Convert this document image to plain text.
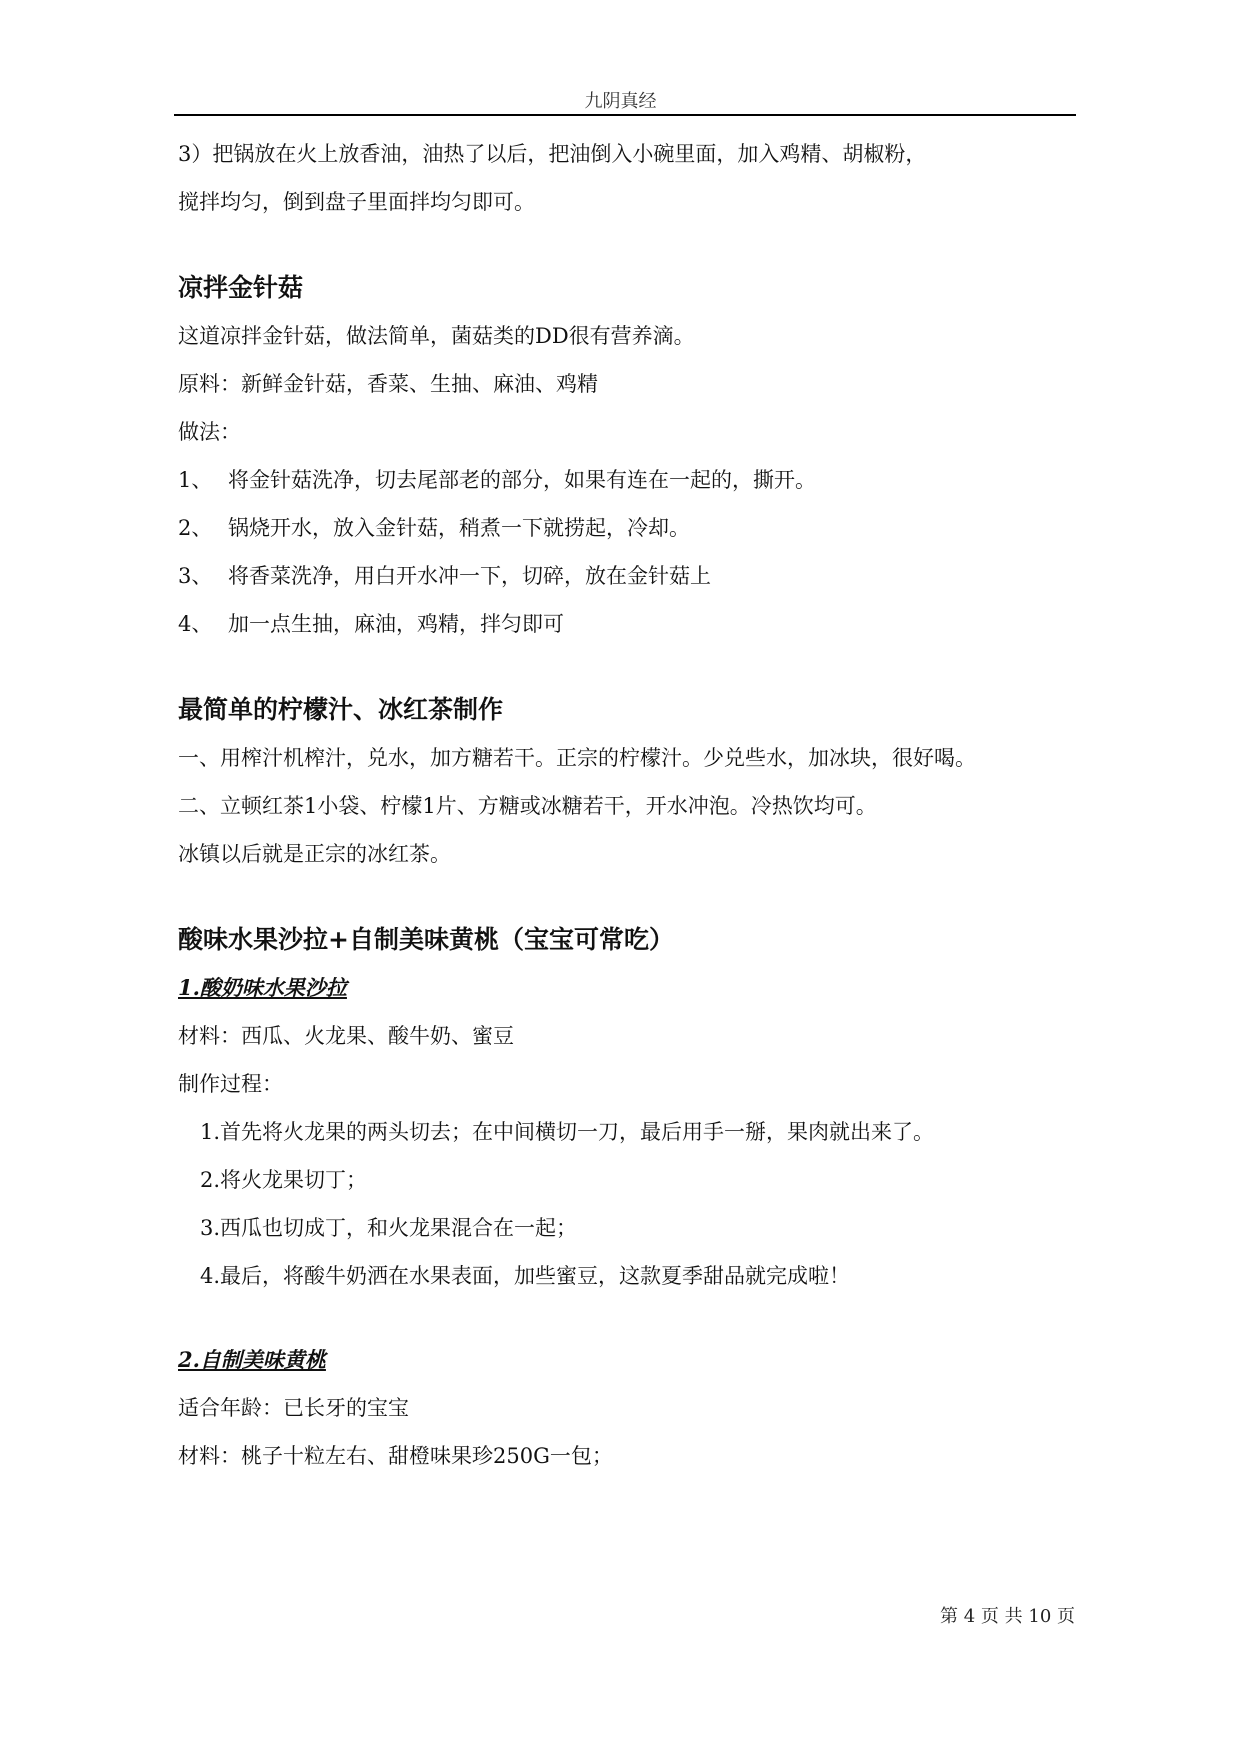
九阴真经

3）把锅放在火上放香油，油热了以后，把油倒入小碗里面，加入鸡精、胡椒粉，

搅拌均匀，倒到盘子里面拌均匀即可。

凉拌金针菇

这道凉拌金针菇，做法简单，菌菇类的DD很有营养滴。

原料：新鲜金针菇，香菜、生抽、麻油、鸡精

做法：

1、 将金针菇洗净，切去尾部老的部分，如果有连在一起的，撕开。

2、 锅烧开水，放入金针菇，稍煮一下就捞起，冷却。

3、 将香菜洗净，用白开水冲一下，切碎，放在金针菇上

4、 加一点生抽，麻油，鸡精，拌匀即可

最简单的柠檬汁、冰红茶制作

一、用榨汁机榨汁，兑水，加方糖若干。正宗的柠檬汁。少兑些水，加冰块，很好喝。

二、立顿红茶1小袋、柠檬1片、方糖或冰糖若干，开水冲泡。冷热饮均可。

冰镇以后就是正宗的冰红茶。

酸味水果沙拉+自制美味黄桃（宝宝可常吃）

1.酸奶味水果沙拉

材料：西瓜、火龙果、酸牛奶、蜜豆

制作过程：

1.首先将火龙果的两头切去；在中间横切一刀，最后用手一掰，果肉就出来了。

2.将火龙果切丁；

3.西瓜也切成丁，和火龙果混合在一起；

4.最后，将酸牛奶洒在水果表面，加些蜜豆，这款夏季甜品就完成啦！

2.自制美味黄桃

适合年龄：已长牙的宝宝

材料：桃子十粒左右、甜橙味果珍250G一包；

第 4 页 共 10 页
